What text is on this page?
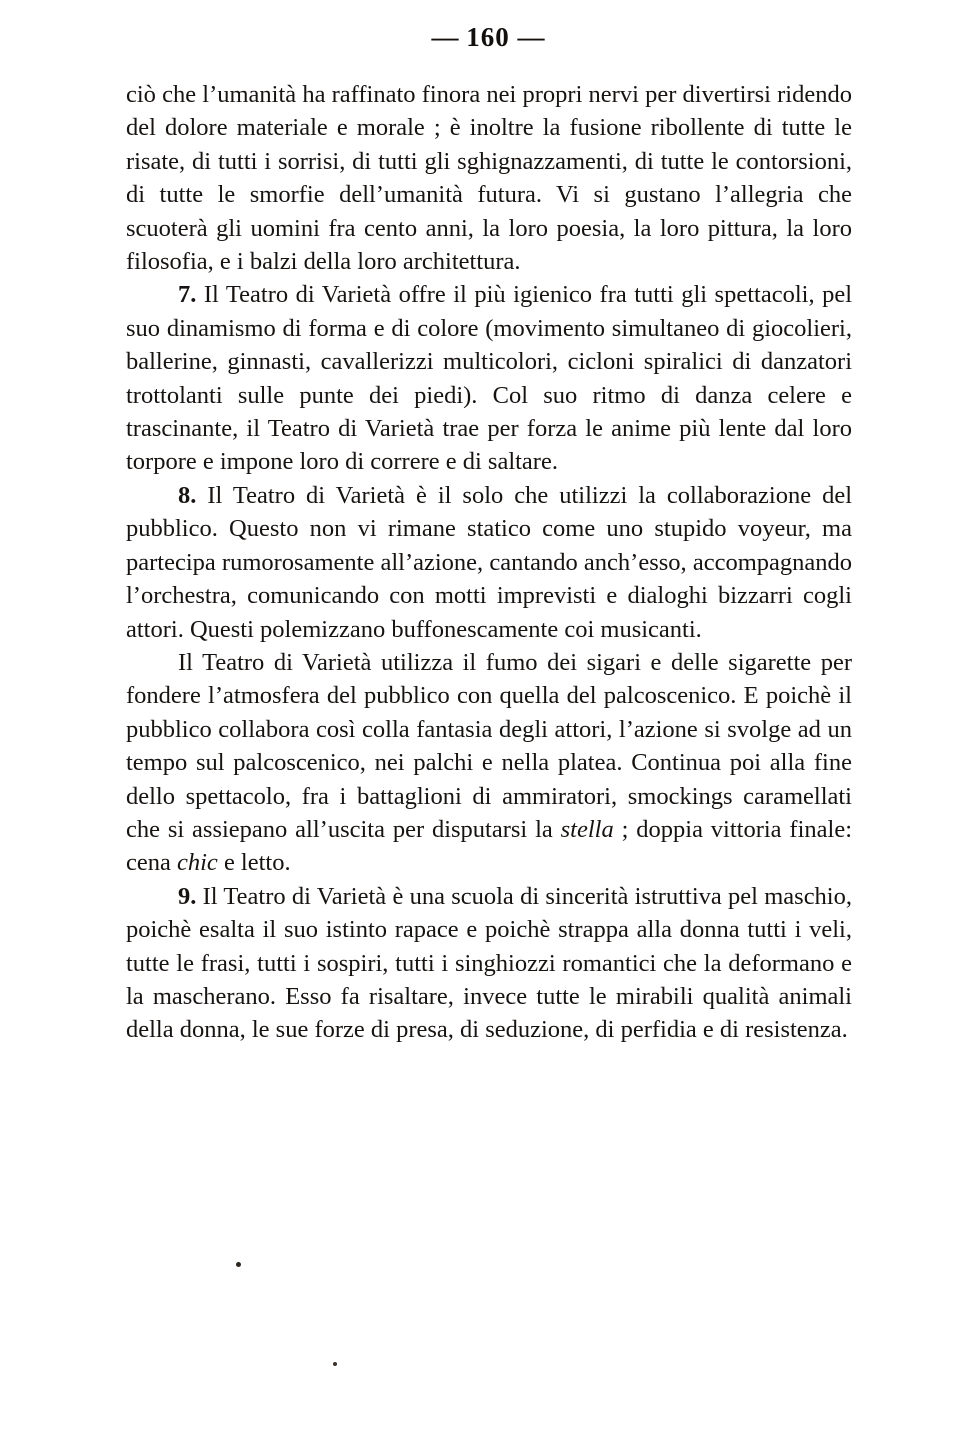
— 160 —

ciò che l’umanità ha raffinato finora nei propri nervi per divertirsi ridendo del dolore materiale e morale ; è inoltre la fusione ribollente di tutte le risate, di tutti i sorrisi, di tutti gli sghignazzamenti, di tutte le contorsioni, di tutte le smorfie dell’umanità futura. Vi si gustano l’allegria che scuoterà gli uomini fra cento anni, la loro poesia, la loro pittura, la loro filosofia, e i balzi della loro architettura.

7. Il Teatro di Varietà offre il più igienico fra tutti gli spettacoli, pel suo dinamismo di forma e di colore (movimento simultaneo di giocolieri, ballerine, ginnasti, cavallerizzi multicolori, cicloni spiralici di danzatori trottolanti sulle punte dei piedi). Col suo ritmo di danza celere e trascinante, il Teatro di Varietà trae per forza le anime più lente dal loro torpore e impone loro di correre e di saltare.

8. Il Teatro di Varietà è il solo che utilizzi la collaborazione del pubblico. Questo non vi rimane statico come uno stupido voyeur, ma partecipa rumorosamente all’azione, cantando anch’esso, accompagnando l’orchestra, comunicando con motti imprevisti e dialoghi bizzarri cogli attori. Questi polemizzano buffonescamente coi musicanti.

Il Teatro di Varietà utilizza il fumo dei sigari e delle sigarette per fondere l’atmosfera del pubblico con quella del palcoscenico. E poichè il pubblico collabora così colla fantasia degli attori, l’azione si svolge ad un tempo sul palcoscenico, nei palchi e nella platea. Continua poi alla fine dello spettacolo, fra i battaglioni di ammiratori, smockings caramellati che si assiepano all’uscita per disputarsi la stella ; doppia vittoria finale: cena chic e letto.

9. Il Teatro di Varietà è una scuola di sincerità istruttiva pel maschio, poichè esalta il suo istinto rapace e poichè strappa alla donna tutti i veli, tutte le frasi, tutti i sospiri, tutti i singhiozzi romantici che la deformano e la mascherano. Esso fa risaltare, invece tutte le mirabili qualità animali della donna, le sue forze di presa, di seduzione, di perfidia e di resistenza.
